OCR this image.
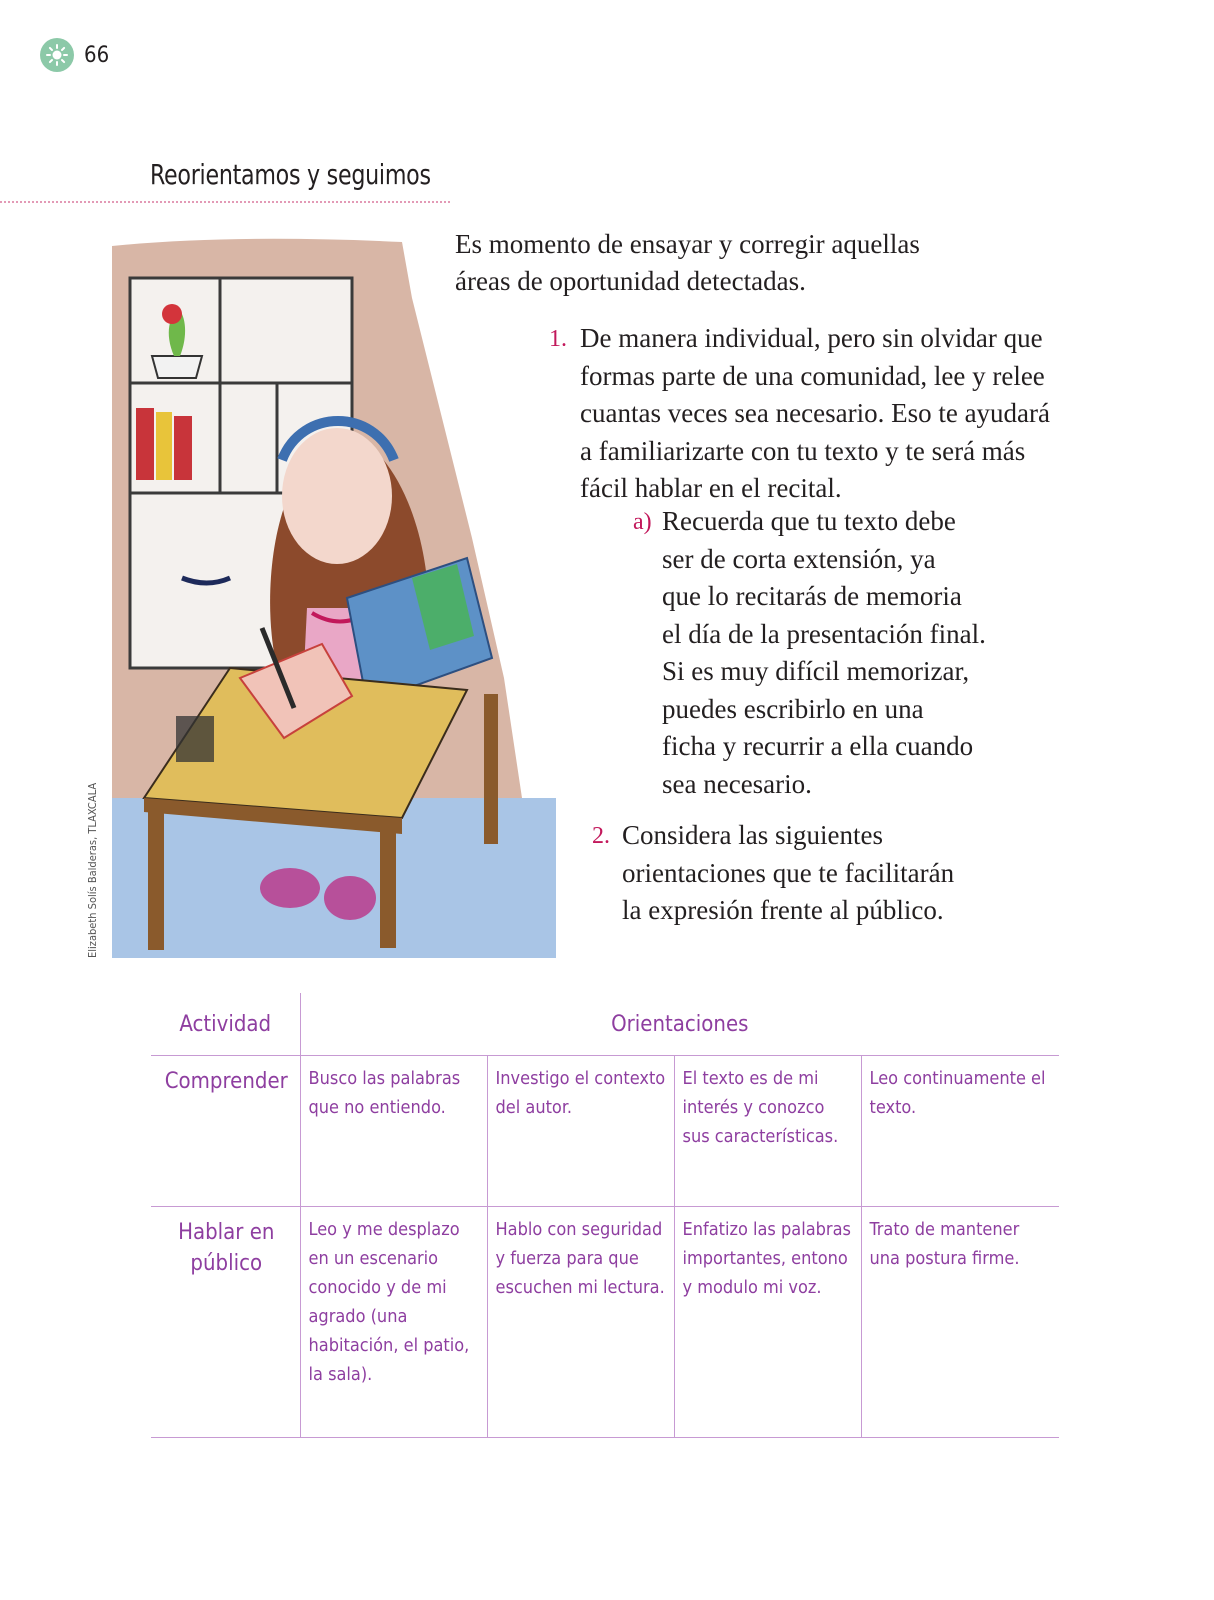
66
Reorientamos y seguimos
Elizabeth Solís Balderas, TLAXCALA
Es momento de ensayar y corregir aquellas
áreas de oportunidad detectadas.
1. De manera individual, pero sin olvidar que
formas parte de una comunidad, lee y relee
cuantas veces sea necesario. Eso te ayudará
a familiarizarte con tu texto y te será más
fácil hablar en el recital.
a) Recuerda que tu texto debe
ser de corta extensión, ya
que lo recitarás de memoria
el día de la presentación final.
Si es muy difícil memorizar,
puedes escribirlo en una
ficha y recurrir a ella cuando
sea necesario.
2. Considera las siguientes
orientaciones que te facilitarán
la expresión frente al público.
Actividad	Orientaciones			
Comprender	Busco las palabras que no entiendo.	Investigo el contexto del autor.	El texto es de mi interés y conozco sus características.	Leo continuamente el texto.
Hablar en público	Leo y me desplazo en un escenario conocido y de mi agrado (una habitación, el patio, la sala).	Hablo con seguridad y fuerza para que escuchen mi lectura.	Enfatizo las palabras importantes, entono y modulo mi voz.	Trato de mantener una postura firme.
